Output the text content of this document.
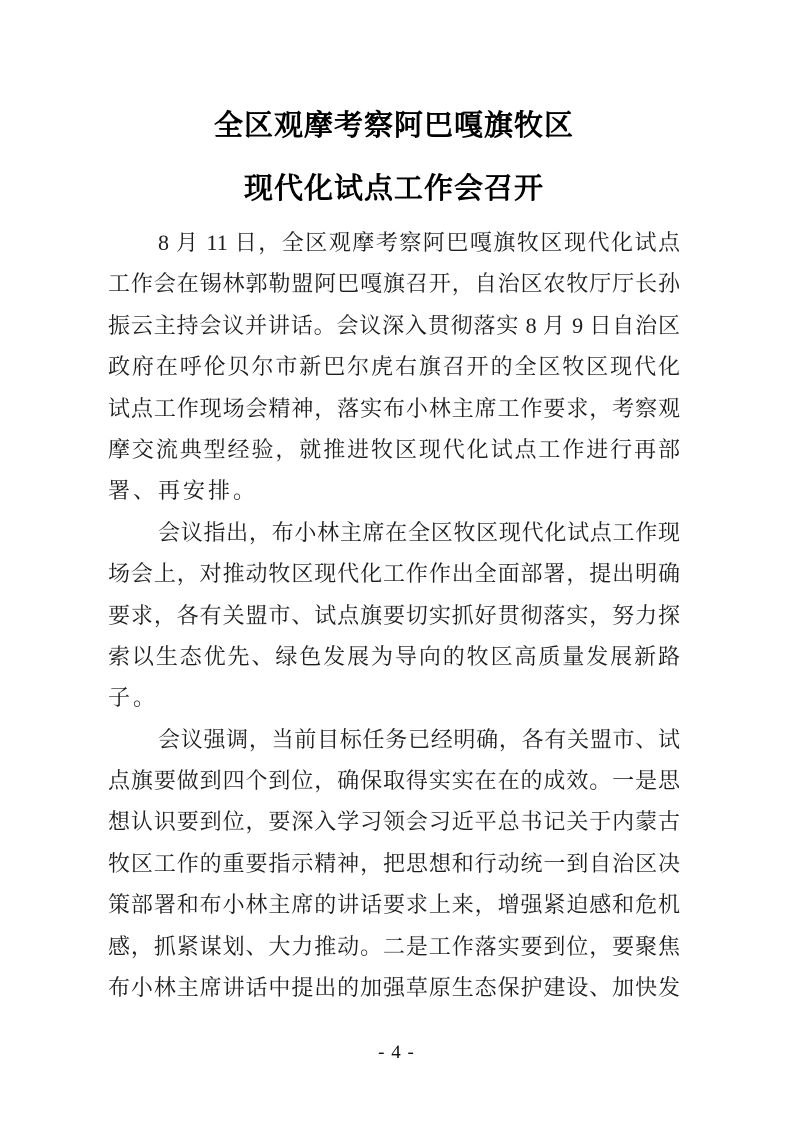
全区观摩考察阿巴嘎旗牧区
现代化试点工作会召开
8 月 11 日，全区观摩考察阿巴嘎旗牧区现代化试点
工作会在锡林郭勒盟阿巴嘎旗召开，自治区农牧厅厅长孙
振云主持会议并讲话。会议深入贯彻落实 8 月 9 日自治区
政府在呼伦贝尔市新巴尔虎右旗召开的全区牧区现代化
试点工作现场会精神，落实布小林主席工作要求，考察观
摩交流典型经验，就推进牧区现代化试点工作进行再部
署、再安排。
会议指出，布小林主席在全区牧区现代化试点工作现
场会上，对推动牧区现代化工作作出全面部署，提出明确
要求，各有关盟市、试点旗要切实抓好贯彻落实，努力探
索以生态优先、绿色发展为导向的牧区高质量发展新路
子。
会议强调，当前目标任务已经明确，各有关盟市、试
点旗要做到四个到位，确保取得实实在在的成效。一是思
想认识要到位，要深入学习领会习近平总书记关于内蒙古
牧区工作的重要指示精神，把思想和行动统一到自治区决
策部署和布小林主席的讲话要求上来，增强紧迫感和危机
感，抓紧谋划、大力推动。二是工作落实要到位，要聚焦
布小林主席讲话中提出的加强草原生态保护建设、加快发
- 4 -
